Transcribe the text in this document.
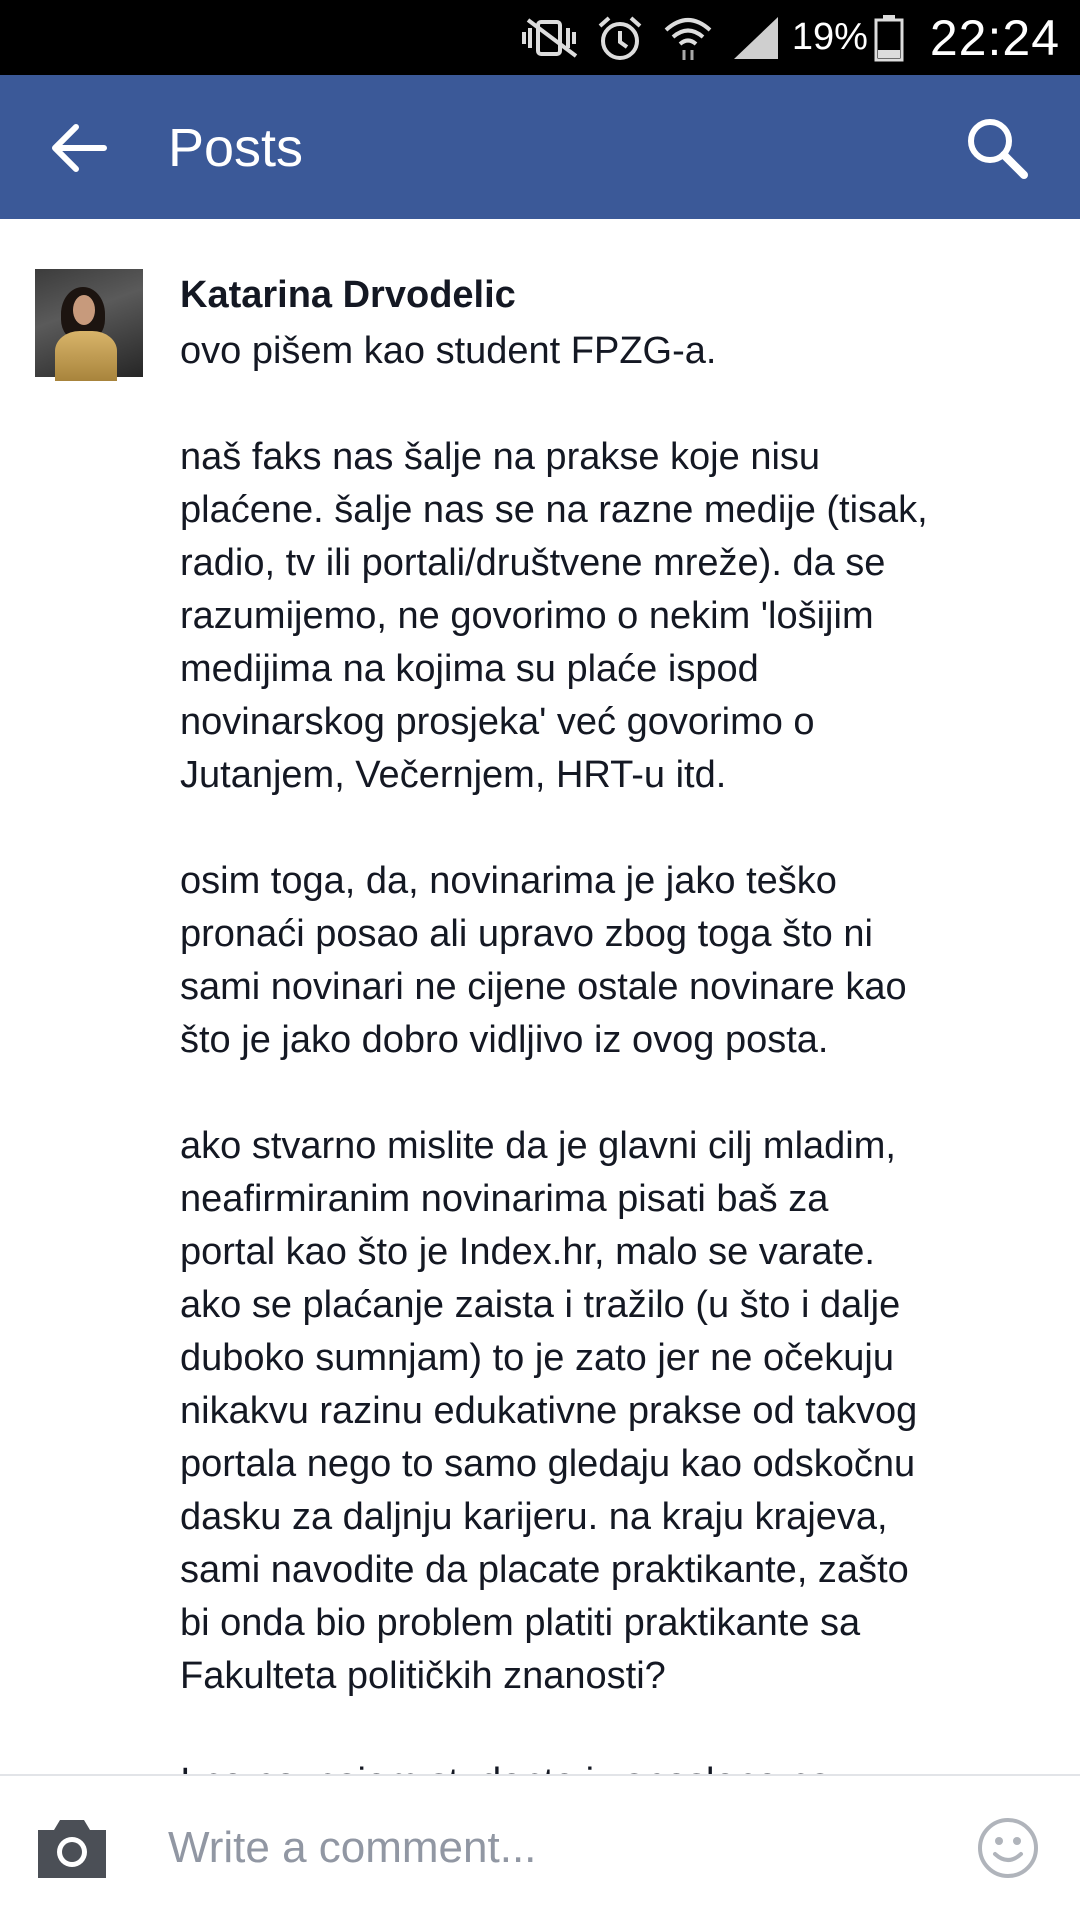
19% 22:24
Posts
Katarina Drvodelic

ovo pišem kao student FPZG-a.

naš faks nas šalje na prakse koje nisu
plaćene. šalje nas se na razne medije (tisak,
radio, tv ili portali/društvene mreže). da se
razumijemo, ne govorimo o nekim 'lošijim
medijima na kojima su plaće ispod
novinarskog prosjeka' već govorimo o
Jutanjem, Večernjem, HRT-u itd.

osim toga, da, novinarima je jako teško
pronaći posao ali upravo zbog toga što ni
sami novinari ne cijene ostale novinare kao
što je jako dobro vidljivo iz ovog posta.

ako stvarno mislite da je glavni cilj mladim,
neafirmiranim novinarima pisati baš za
portal kao što je Index.hr, malo se varate.
ako se plaćanje zaista i tražilo (u što i dalje
duboko sumnjam) to je zato jer ne očekuju
nikakvu razinu edukativne prakse od takvog
portala nego to samo gledaju kao odskočnu
dasku za daljnju karijeru. na kraju krajeva,
sami navodite da placate praktikante, zašto
bi onda bio problem platiti praktikante sa
Fakulteta političkih znanosti?

Write a comment...
